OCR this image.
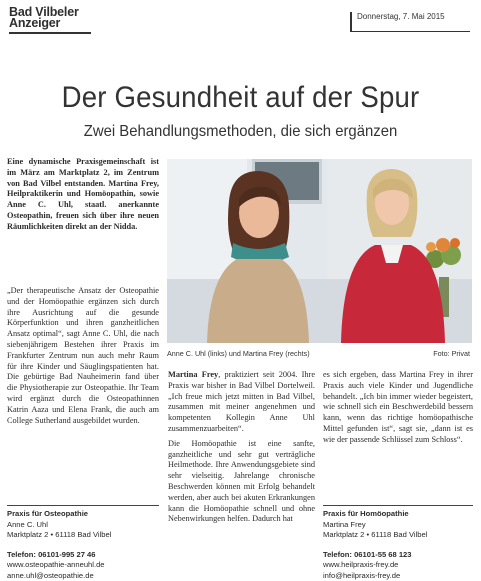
Bad Vilbeler
Anzeiger	Donnerstag, 7. Mai 2015
Der Gesundheit auf der Spur
Zwei Behandlungsmethoden, die sich ergänzen

Eine dynamische Praxisgemeinschaft ist im März am Marktplatz 2, im Zentrum von Bad Vilbel entstanden. Martina Frey, Heilpraktikerin und Homöopathin, sowie Anne C. Uhl, staatl. anerkannte Osteopathin, freuen sich über ihre neuen Räumlichkeiten direkt an der Nidda.

„Der therapeutische Ansatz der Osteopathie und der Homöopathie ergänzen sich durch ihre Ausrichtung auf die gesunde Körperfunktion und ihren ganzheitlichen Ansatz optimal“, sagt Anne C. Uhl, die nach siebenjährigem Bestehen ihrer Praxis im Frankfurter Zentrum nun auch mehr Raum für ihre Kinder und Säuglingspatienten hat. Die gebürtige Bad Nauheimerin fand über die Physiotherapie zur Osteopathie. Ihr Team wird ergänzt durch die Osteopathinnen Katrin Aaza und Elena Frank, die auch am College Sutherland ausgebildet wurden.

Anne C. Uhl (links) und Martina Frey (rechts)	Foto: Privat

Martina Frey, praktiziert seit 2004. Ihre Praxis war bisher in Bad Vilbel Dortelweil. „Ich freue mich jetzt mitten in Bad Vilbel, zusammen mit meiner angenehmen und kompetenten Kollegin Anne Uhl zusammenzuarbeiten“.

Die Homöopathie ist eine sanfte, ganzheitliche und sehr gut verträgliche Heilmethode. Ihre Anwendungsgebiete sind sehr vielseitig. Jahrelange chronische Beschwerden können mit Erfolg behandelt werden, aber auch bei akuten Erkrankungen kann die Homöopathie schnell und ohne Nebenwirkungen helfen. Dadurch hat

es sich ergeben, dass Martina Frey in ihrer Praxis auch viele Kinder und Jugendliche behandelt. „Ich bin immer wieder begeistert, wie schnell sich ein Beschwerdebild bessern kann, wenn das richtige homöopathische Mittel gefunden ist“, sagt sie, „dann ist es wie der passende Schlüssel zum Schloss“.

Praxis für Osteopathie
Anne C. Uhl
Marktplatz 2 • 61118 Bad Vilbel
Telefon: 06101-995 27 46
www.osteopathie-anneuhl.de
anne.uhl@osteopathie.de
Praxis für Homöopathie
Martina Frey
Marktplatz 2 • 61118 Bad Vilbel
Telefon: 06101-55 68 123
www.heilpraxis-frey.de
info@heilpraxis-frey.de
